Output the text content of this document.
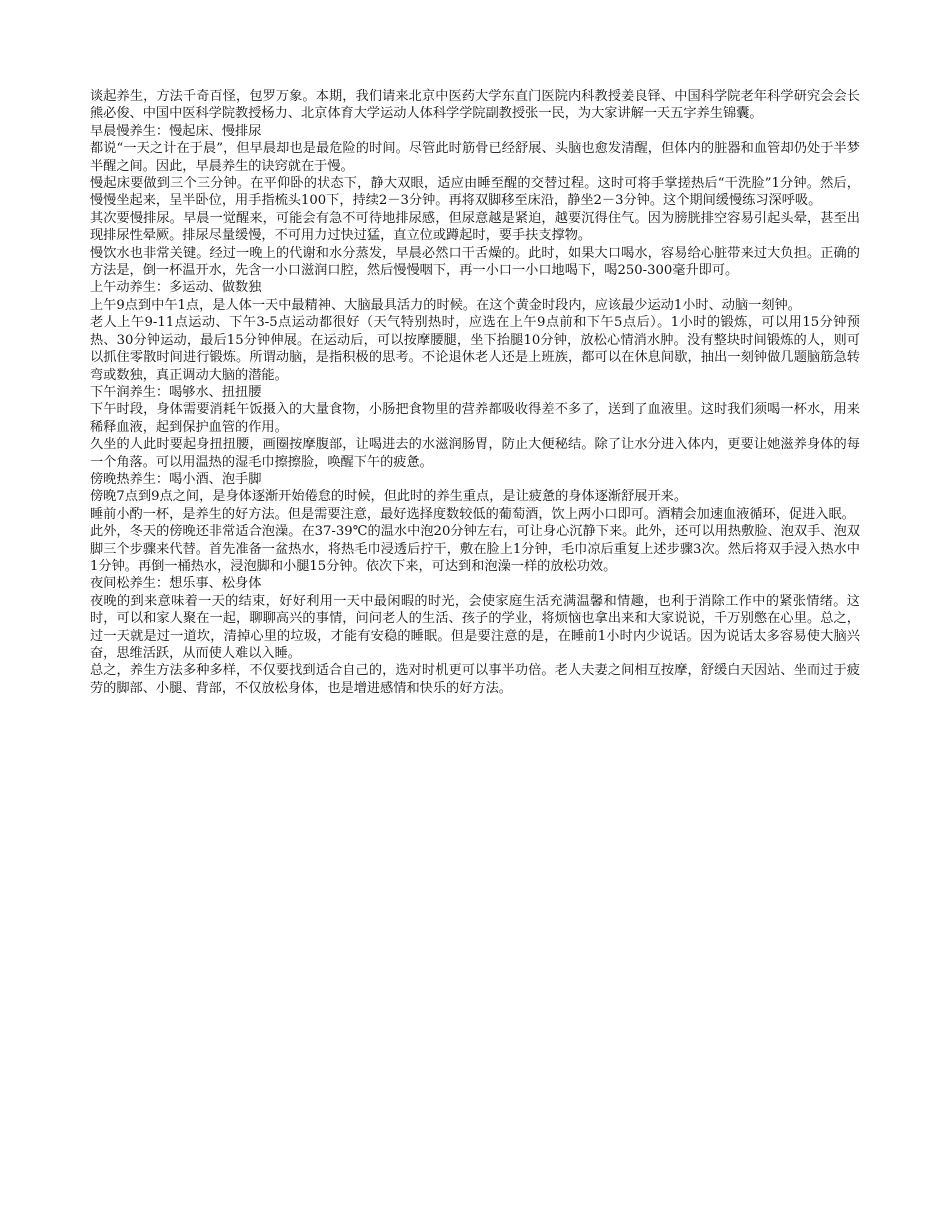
谈起养生，方法千奇百怪，包罗万象。本期，我们请来北京中医药大学东直门医院内科教授姜良铎、中国科学院老年科学研究会会长熊必俊、中国中医科学院教授杨力、北京体育大学运动人体科学学院副教授张一民，为大家讲解一天五字养生锦囊。

早晨慢养生：慢起床、慢排尿

都说“一天之计在于晨”，但早晨却也是最危险的时间。尽管此时筋骨已经舒展、头脑也愈发清醒，但体内的脏器和血管却仍处于半梦半醒之间。因此，早晨养生的诀窍就在于慢。

慢起床要做到三个三分钟。在平仰卧的状态下，静大双眼，适应由睡至醒的交替过程。这时可将手掌搓热后“干洗脸”1分钟。然后，慢慢坐起来，呈半卧位，用手指梳头100下，持续2－3分钟。再将双脚移至床沿，静坐2－3分钟。这个期间缓慢练习深呼吸。

其次要慢排尿。早晨一觉醒来，可能会有急不可待地排尿感，但尿意越是紧迫，越要沉得住气。因为膀胱排空容易引起头晕，甚至出现排尿性晕厥。排尿尽量缓慢，不可用力过快过猛，直立位或蹲起时，要手扶支撑物。

慢饮水也非常关键。经过一晚上的代谢和水分蒸发，早晨必然口干舌燥的。此时，如果大口喝水，容易给心脏带来过大负担。正确的方法是，倒一杯温开水，先含一小口滋润口腔，然后慢慢咽下，再一小口一小口地喝下，喝250-300毫升即可。

上午动养生：多运动、做数独

上午9点到中午1点，是人体一天中最精神、大脑最具活力的时候。在这个黄金时段内，应该最少运动1小时、动脑一刻钟。

老人上午9-11点运动、下午3-5点运动都很好（天气特别热时，应选在上午9点前和下午5点后）。1小时的锻炼，可以用15分钟预热、30分钟运动，最后15分钟伸展。在运动后，可以按摩腰腿，坐下抬腿10分钟，放松心情消水肿。没有整块时间锻炼的人，则可以抓住零散时间进行锻炼。所谓动脑，是指积极的思考。不论退休老人还是上班族，都可以在休息间歇，抽出一刻钟做几题脑筋急转弯或数独，真正调动大脑的潜能。

下午润养生：喝够水、扭扭腰

下午时段，身体需要消耗午饭摄入的大量食物，小肠把食物里的营养都吸收得差不多了，送到了血液里。这时我们须喝一杯水，用来稀释血液，起到保护血管的作用。

久坐的人此时要起身扭扭腰，画圈按摩腹部，让喝进去的水滋润肠胃，防止大便秘结。除了让水分进入体内，更要让她滋养身体的每一个角落。可以用温热的湿毛巾擦擦脸，唤醒下午的疲惫。

傍晚热养生：喝小酒、泡手脚

傍晚7点到9点之间，是身体逐渐开始倦怠的时候，但此时的养生重点，是让疲惫的身体逐渐舒展开来。

睡前小酌一杯，是养生的好方法。但是需要注意，最好选择度数较低的葡萄酒，饮上两小口即可。酒精会加速血液循环，促进入眠。

此外，冬天的傍晚还非常适合泡澡。在37-39℃的温水中泡20分钟左右，可让身心沉静下来。此外，还可以用热敷脸、泡双手、泡双脚三个步骤来代替。首先准备一盆热水，将热毛巾浸透后拧干，敷在脸上1分钟，毛巾凉后重复上述步骤3次。然后将双手浸入热水中1分钟。再倒一桶热水，浸泡脚和小腿15分钟。依次下来，可达到和泡澡一样的放松功效。

夜间松养生：想乐事、松身体

夜晚的到来意味着一天的结束，好好利用一天中最闲暇的时光，会使家庭生活充满温馨和情趣，也利于消除工作中的紧张情绪。这时，可以和家人聚在一起，聊聊高兴的事情，问问老人的生活、孩子的学业，将烦恼也拿出来和大家说说，千万别憋在心里。总之，过一天就是过一道坎，清掉心里的垃圾，才能有安稳的睡眠。但是要注意的是，在睡前1小时内少说话。因为说话太多容易使大脑兴奋，思维活跃，从而使人难以入睡。

总之，养生方法多种多样，不仅要找到适合自己的，选对时机更可以事半功倍。老人夫妻之间相互按摩，舒缓白天因站、坐而过于疲劳的脚部、小腿、背部，不仅放松身体，也是增进感情和快乐的好方法。
